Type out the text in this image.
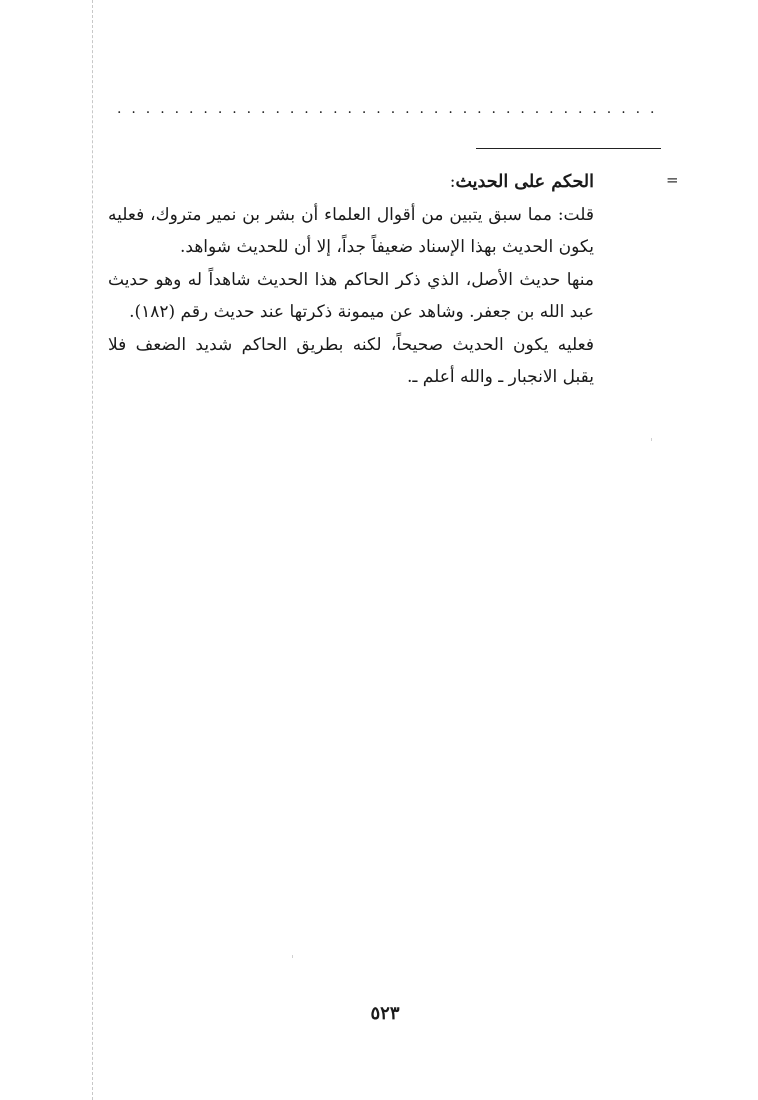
. . . . . . . . . . . . . . . . . . . . . . . . . . . . . . . . . . . . . .
=

الحكم على الحديث:

قلت: مما سبق يتبين من أقوال العلماء أن بشر بن نمير متروك، فعليه يكون الحديث بهذا الإسناد ضعيفاً جداً، إلا أن للحديث شواهد.

منها حديث الأصل، الذي ذكر الحاكم هذا الحديث شاهداً له وهو حديث عبد الله بن جعفر. وشاهد عن ميمونة ذكرتها عند حديث رقم (١٨٢).

فعليه يكون الحديث صحيحاً، لكنه بطريق الحاكم شديد الضعف فلا يقبل الانجبار ـ والله أعلم ـ.

٥٢٣
